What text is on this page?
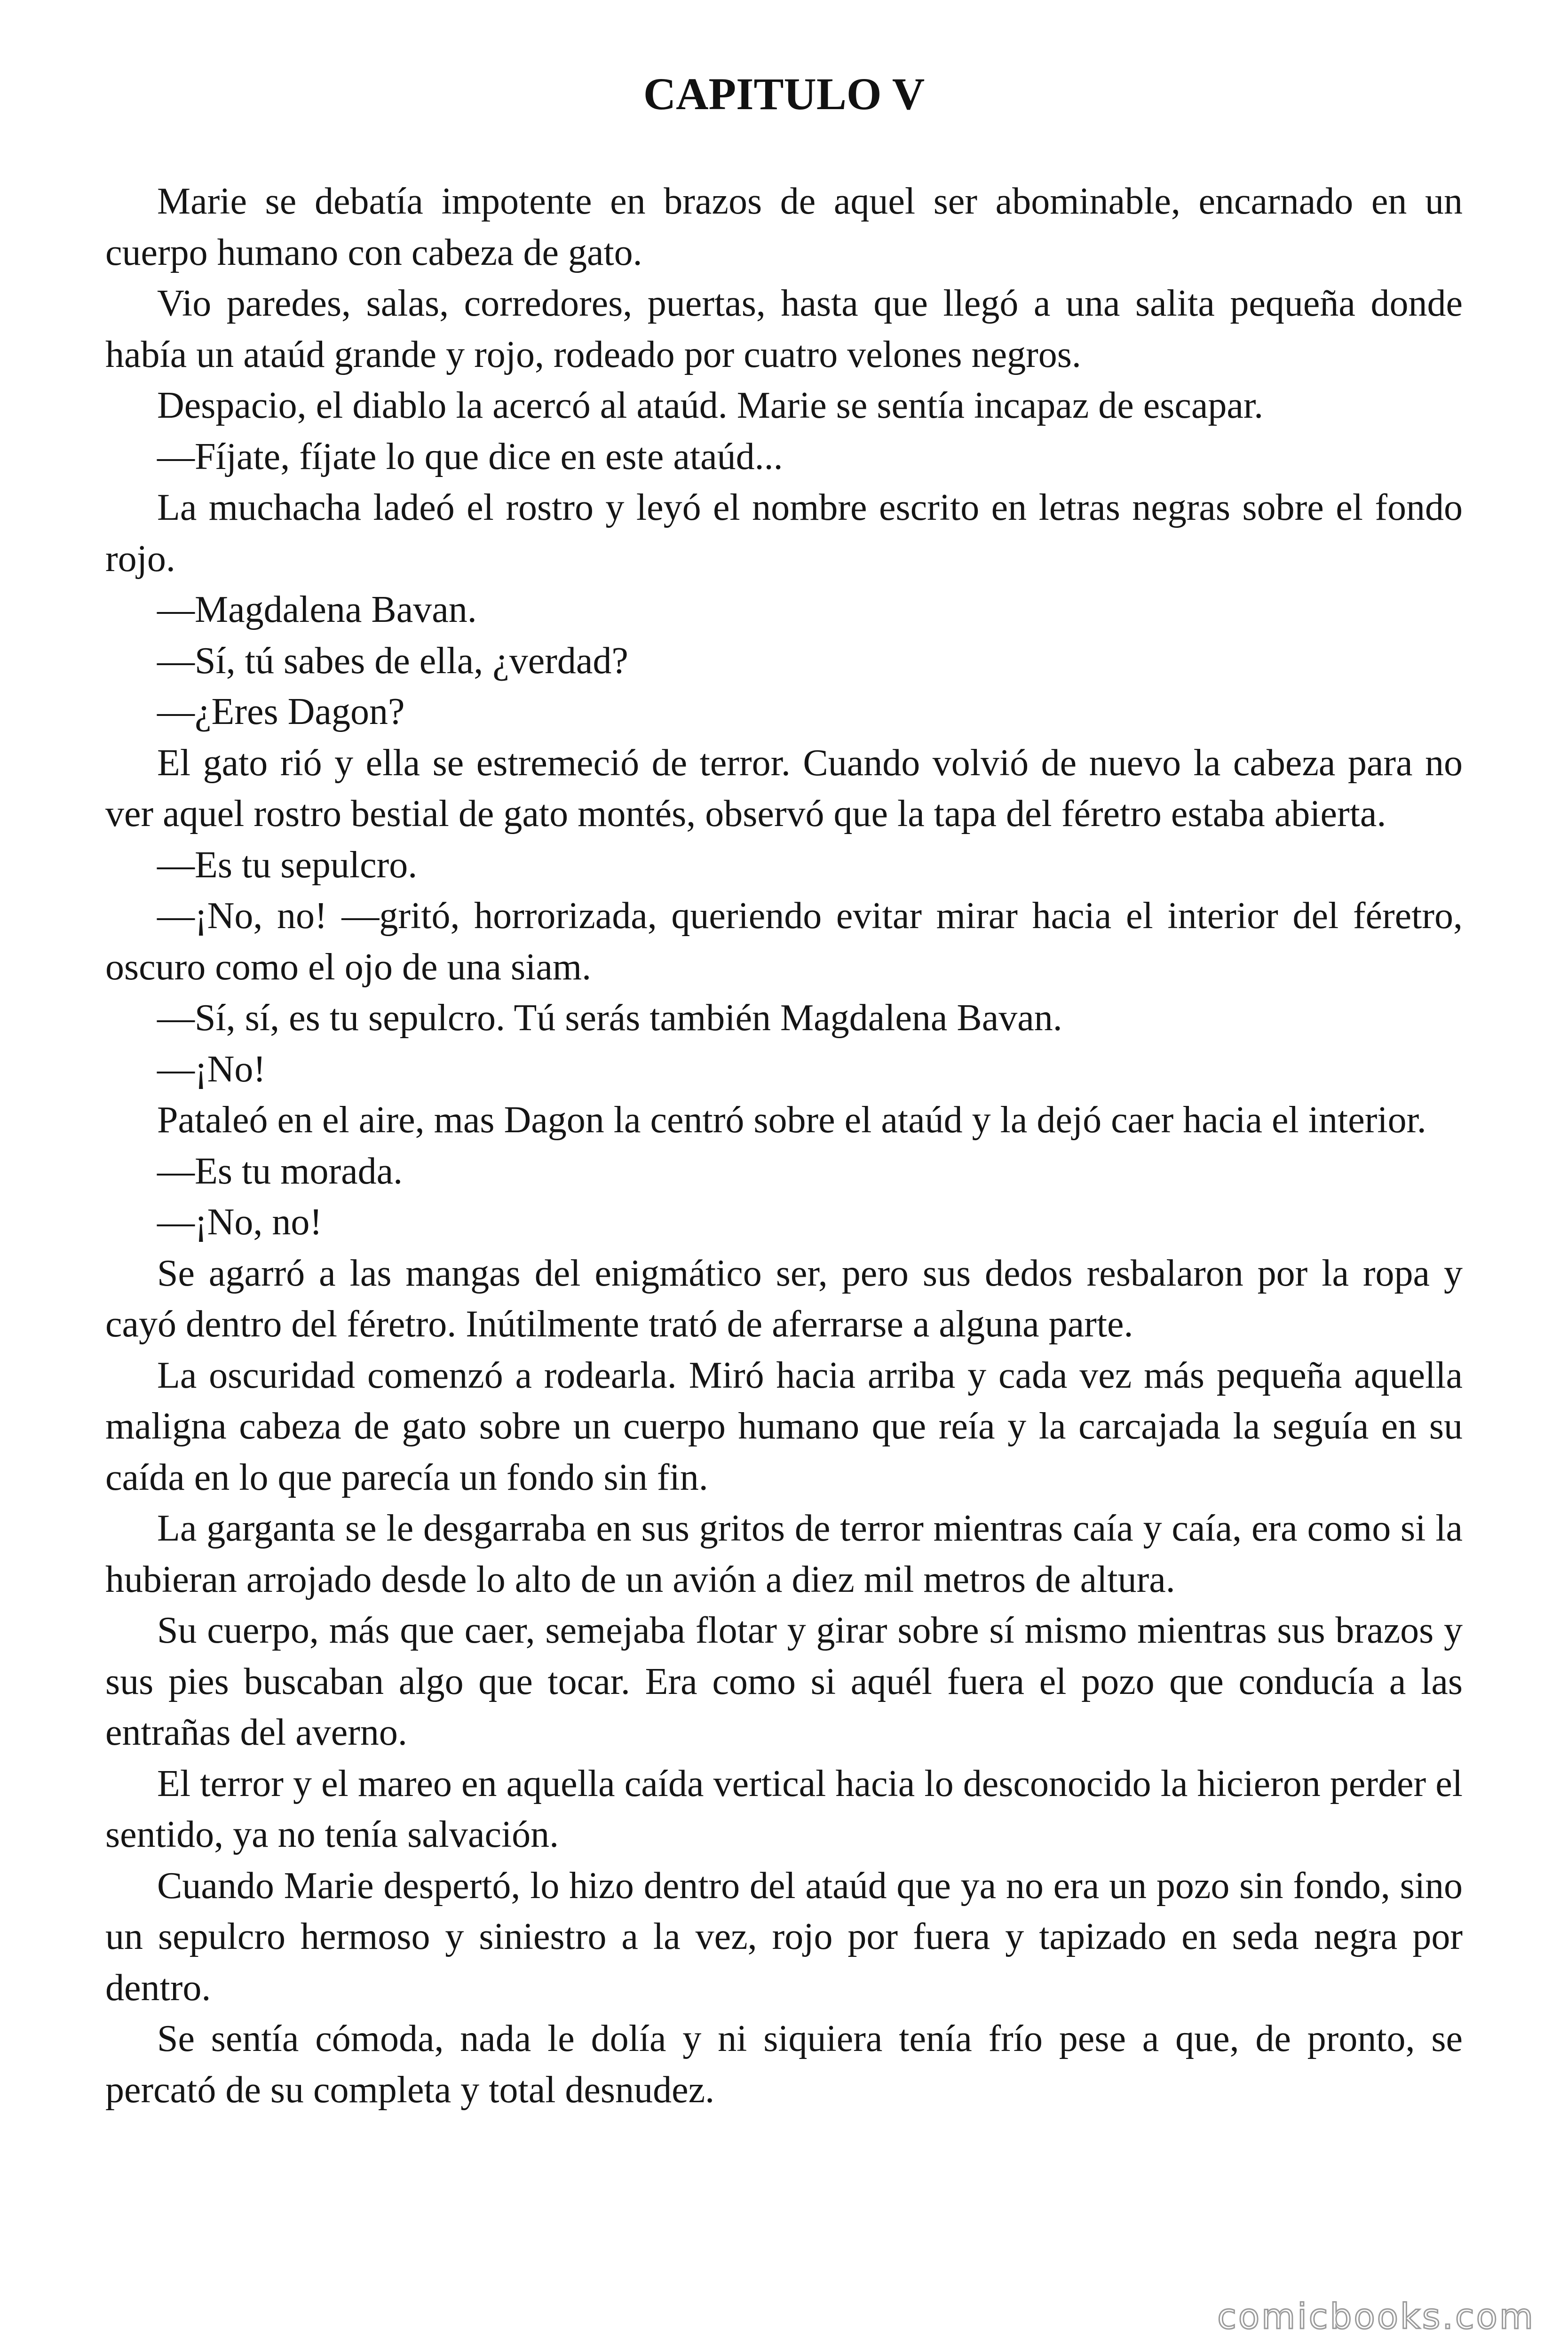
CAPITULO V

Marie se debatía impotente en brazos de aquel ser abominable, encarnado en un cuerpo humano con cabeza de gato.

Vio paredes, salas, corredores, puertas, hasta que llegó a una salita pequeña donde había un ataúd grande y rojo, rodeado por cuatro velones negros.

Despacio, el diablo la acercó al ataúd. Marie se sentía incapaz de escapar.

—Fíjate, fíjate lo que dice en este ataúd...

La muchacha ladeó el rostro y leyó el nombre escrito en letras negras sobre el fondo rojo.

—Magdalena Bavan.

—Sí, tú sabes de ella, ¿verdad?

—¿Eres Dagon?

El gato rió y ella se estremeció de terror. Cuando volvió de nuevo la cabeza para no ver aquel rostro bestial de gato montés, observó que la tapa del féretro estaba abierta.

—Es tu sepulcro.

—¡No, no! —gritó, horrorizada, queriendo evitar mirar hacia el interior del féretro, oscuro como el ojo de una siam.

—Sí, sí, es tu sepulcro. Tú serás también Magdalena Bavan.

—¡No!

Pataleó en el aire, mas Dagon la centró sobre el ataúd y la dejó caer hacia el interior.

—Es tu morada.

—¡No, no!

Se agarró a las mangas del enigmático ser, pero sus dedos resbalaron por la ropa y cayó dentro del féretro. Inútilmente trató de aferrarse a alguna parte.

La oscuridad comenzó a rodearla. Miró hacia arriba y cada vez más pequeña aquella maligna cabeza de gato sobre un cuerpo humano que reía y la carcajada la seguía en su caída en lo que parecía un fondo sin fin.

La garganta se le desgarraba en sus gritos de terror mientras caía y caía, era como si la hubieran arrojado desde lo alto de un avión a diez mil metros de altura.

Su cuerpo, más que caer, semejaba flotar y girar sobre sí mismo mientras sus brazos y sus pies buscaban algo que tocar. Era como si aquél fuera el pozo que conducía a las entrañas del averno.

El terror y el mareo en aquella caída vertical hacia lo desconocido la hicieron perder el sentido, ya no tenía salvación.

Cuando Marie despertó, lo hizo dentro del ataúd que ya no era un pozo sin fondo, sino un sepulcro hermoso y siniestro a la vez, rojo por fuera y tapizado en seda negra por dentro.

Se sentía cómoda, nada le dolía y ni siquiera tenía frío pese a que, de pronto, se percató de su completa y total desnudez.

comicbooks.com
